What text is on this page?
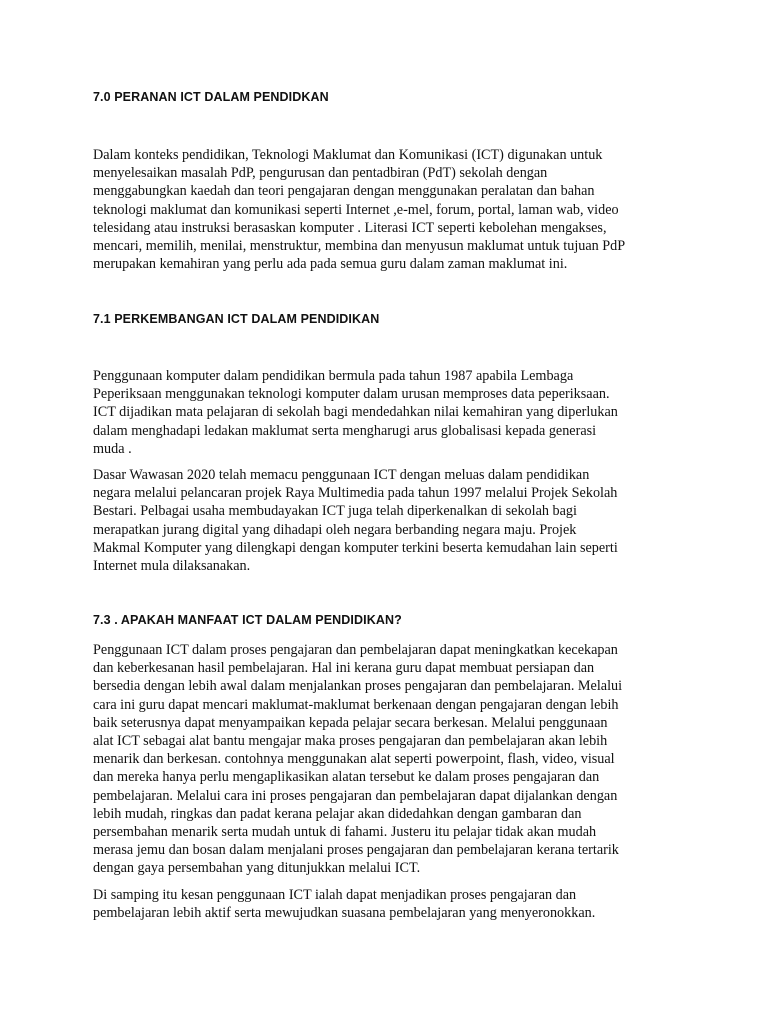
7.0 PERANAN ICT DALAM PENDIDKAN

Dalam konteks pendidikan, Teknologi Maklumat dan Komunikasi (ICT) digunakan untuk
menyelesaikan masalah PdP, pengurusan dan pentadbiran (PdT) sekolah dengan
menggabungkan kaedah dan teori pengajaran dengan menggunakan peralatan dan bahan
teknologi maklumat dan komunikasi seperti Internet ,e-mel, forum, portal, laman wab, video
telesidang atau instruksi berasaskan komputer . Literasi ICT seperti kebolehan mengakses,
mencari, memilih, menilai, menstruktur, membina dan menyusun maklumat untuk tujuan PdP
merupakan kemahiran yang perlu ada pada semua guru dalam zaman maklumat ini.

7.1 PERKEMBANGAN ICT DALAM PENDIDIKAN

Penggunaan komputer dalam pendidikan bermula pada tahun 1987 apabila Lembaga
Peperiksaan menggunakan teknologi komputer dalam urusan memproses data peperiksaan.
ICT dijadikan mata pelajaran di sekolah bagi mendedahkan nilai kemahiran yang diperlukan
dalam menghadapi ledakan maklumat serta mengharugi arus globalisasi kepada generasi
muda .

Dasar Wawasan 2020 telah memacu penggunaan ICT dengan meluas dalam pendidikan
negara melalui pelancaran projek Raya Multimedia pada tahun 1997 melalui Projek Sekolah
Bestari. Pelbagai usaha membudayakan ICT juga telah diperkenalkan di sekolah bagi
merapatkan jurang digital yang dihadapi oleh negara berbanding negara maju. Projek
Makmal Komputer yang dilengkapi dengan komputer terkini beserta kemudahan lain seperti
Internet mula dilaksanakan.

7.3 . APAKAH MANFAAT ICT DALAM PENDIDIKAN?

Penggunaan ICT dalam proses pengajaran dan pembelajaran dapat meningkatkan kecekapan
dan keberkesanan hasil pembelajaran. Hal ini kerana guru dapat membuat persiapan dan
bersedia dengan lebih awal dalam menjalankan proses pengajaran dan pembelajaran. Melalui
cara ini guru dapat mencari maklumat-maklumat berkenaan dengan pengajaran dengan lebih
baik seterusnya dapat menyampaikan kepada pelajar secara berkesan. Melalui penggunaan
alat ICT sebagai alat bantu mengajar maka proses pengajaran dan pembelajaran akan lebih
menarik dan berkesan. contohnya menggunakan alat seperti powerpoint, flash, video, visual
dan mereka hanya perlu mengaplikasikan alatan tersebut ke dalam proses pengajaran dan
pembelajaran. Melalui cara ini proses pengajaran dan pembelajaran dapat dijalankan dengan
lebih mudah, ringkas dan padat kerana pelajar akan didedahkan dengan gambaran dan
persembahan menarik serta mudah untuk di fahami. Justeru itu pelajar tidak akan mudah
merasa jemu dan bosan dalam menjalani proses pengajaran dan pembelajaran kerana tertarik
dengan gaya persembahan yang ditunjukkan melalui ICT.

Di samping itu kesan penggunaan ICT ialah dapat menjadikan proses pengajaran dan
pembelajaran lebih aktif serta mewujudkan suasana pembelajaran yang menyeronokkan.
